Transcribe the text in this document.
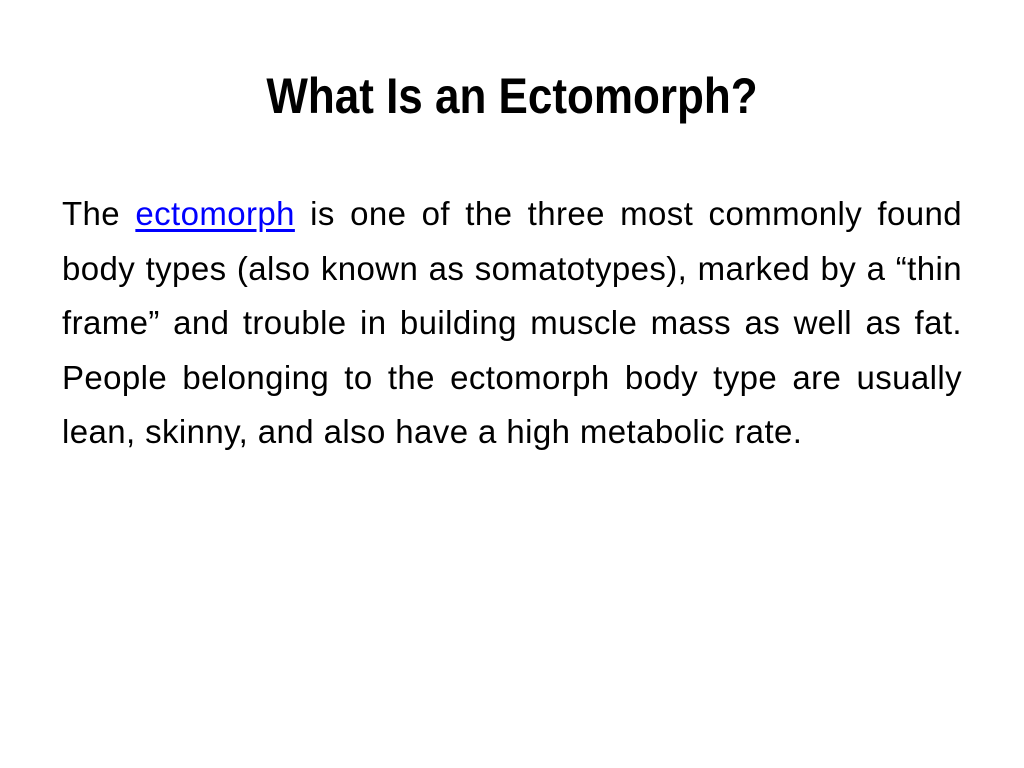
What Is an Ectomorph?

The ectomorph is one of the three most commonly found body types (also known as somatotypes), marked by a “thin frame” and trouble in building muscle mass as well as fat. People belonging to the ectomorph body type are usually lean, skinny, and also have a high metabolic rate.
